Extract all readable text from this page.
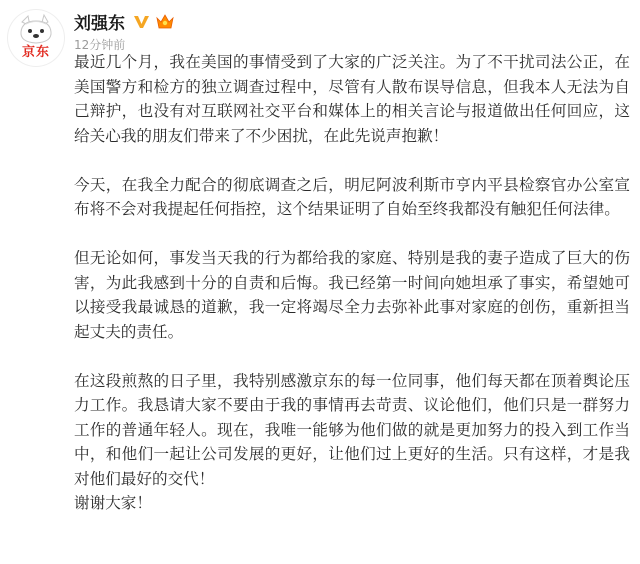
京东
刘强东
12分钟前

最近几个月，我在美国的事情受到了大家的广泛关注。为了不干扰司法公正，在美国警方和检方的独立调查过程中，尽管有人散布误导信息，但我本人无法为自己辩护，也没有对互联网社交平台和媒体上的相关言论与报道做出任何回应，这给关心我的朋友们带来了不少困扰，在此先说声抱歉！

今天，在我全力配合的彻底调查之后，明尼阿波利斯市亨内平县检察官办公室宣布将不会对我提起任何指控，这个结果证明了自始至终我都没有触犯任何法律。

但无论如何，事发当天我的行为都给我的家庭、特别是我的妻子造成了巨大的伤害，为此我感到十分的自责和后悔。我已经第一时间向她坦承了事实，希望她可以接受我最诚恳的道歉，我一定将竭尽全力去弥补此事对家庭的创伤，重新担当起丈夫的责任。

在这段煎熬的日子里，我特别感激京东的每一位同事，他们每天都在顶着舆论压力工作。我恳请大家不要由于我的事情再去苛责、议论他们，他们只是一群努力工作的普通年轻人。现在，我唯一能够为他们做的就是更加努力的投入到工作当中，和他们一起让公司发展的更好，让他们过上更好的生活。只有这样，才是我对他们最好的交代！
谢谢大家！
